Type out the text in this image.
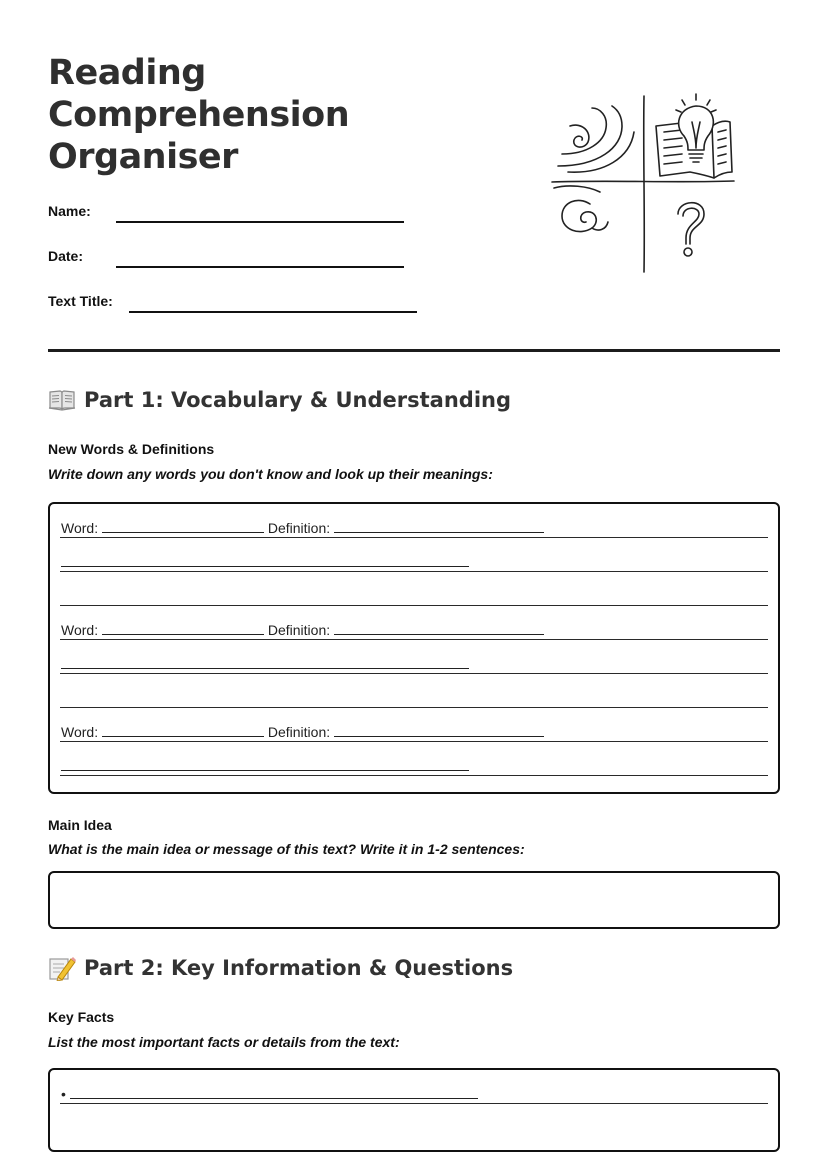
Reading
Comprehension
Organiser
Name:
Date:
Text Title:
Part 1: Vocabulary & Understanding

New Words & Definitions

Write down any words you don't know and look up their meanings:

Word:	Definition:
Word:	Definition:
Word:	Definition:

Main Idea

What is the main idea or message of this text? Write it in 1-2 sentences:

Part 2: Key Information & Questions

Key Facts

List the most important facts or details from the text:

•
